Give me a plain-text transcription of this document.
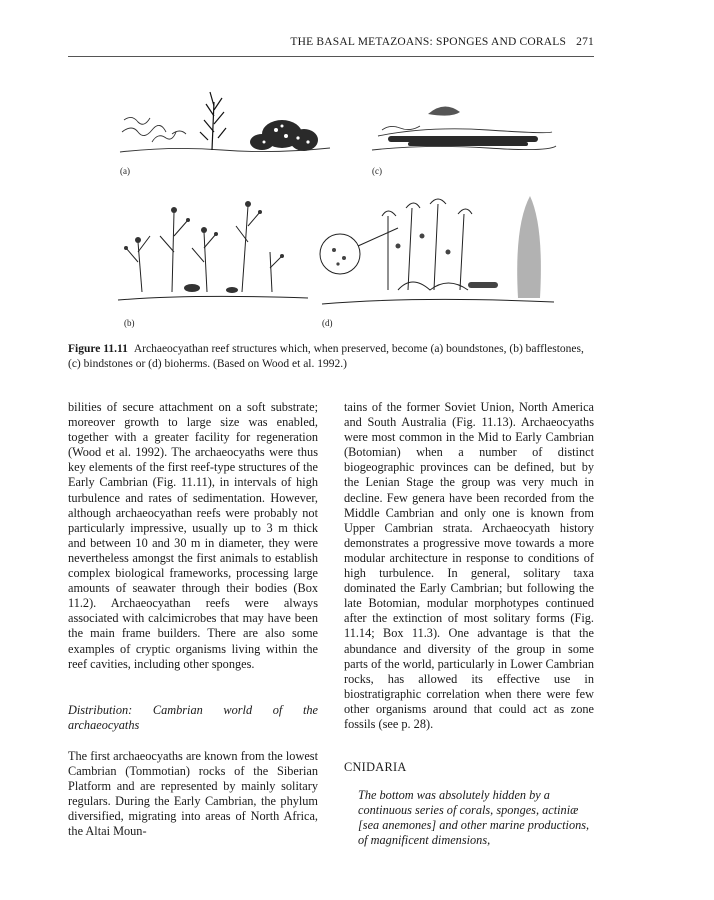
THE BASAL METAZOANS: SPONGES AND CORALS 271
(a)	(c)
(b)	(d)
Figure 11.11 Archaeocyathan reef structures which, when preserved, become (a) boundstones, (b) bafflestones, (c) bindstones or (d) bioherms. (Based on Wood et al. 1992.)

bilities of secure attachment on a soft substrate; moreover growth to large size was enabled, together with a greater facility for regeneration (Wood et al. 1992). The archaeocyaths were thus key elements of the first reef-type structures of the Early Cambrian (Fig. 11.11), in intervals of high turbulence and rates of sedimentation. However, although archaeocyathan reefs were probably not particularly impressive, usually up to 3 m thick and between 10 and 30 m in diameter, they were nevertheless amongst the first animals to establish complex biological frameworks, processing large amounts of seawater through their bodies (Box 11.2). Archaeocyathan reefs were always associated with calcimicrobes that may have been the main frame builders. There are also some examples of cryptic organisms living within the reef cavities, including other sponges.

Distribution: Cambrian world of the archaeocyaths

The first archaeocyaths are known from the lowest Cambrian (Tommotian) rocks of the Siberian Platform and are represented by mainly solitary regulars. During the Early Cambrian, the phylum diversified, migrating into areas of North Africa, the Altai Moun-

tains of the former Soviet Union, North America and South Australia (Fig. 11.13). Archaeocyaths were most common in the Mid to Early Cambrian (Botomian) when a number of distinct biogeographic provinces can be defined, but by the Lenian Stage the group was very much in decline. Few genera have been recorded from the Middle Cambrian and only one is known from Upper Cambrian strata. Archaeocyath history demonstrates a progressive move towards a more modular architecture in response to conditions of high turbulence. In general, solitary taxa dominated the Early Cambrian; but following the late Botomian, modular morphotypes continued after the extinction of most solitary forms (Fig. 11.14; Box 11.3). One advantage is that the abundance and diversity of the group in some parts of the world, particularly in Lower Cambrian rocks, has allowed its effective use in biostratigraphic correlation when there were few other organisms around that could act as zone fossils (see p. 28).

CNIDARIA

The bottom was absolutely hidden by a continuous series of corals, sponges, actiniæ [sea anemones] and other marine productions, of magnificent dimensions,
